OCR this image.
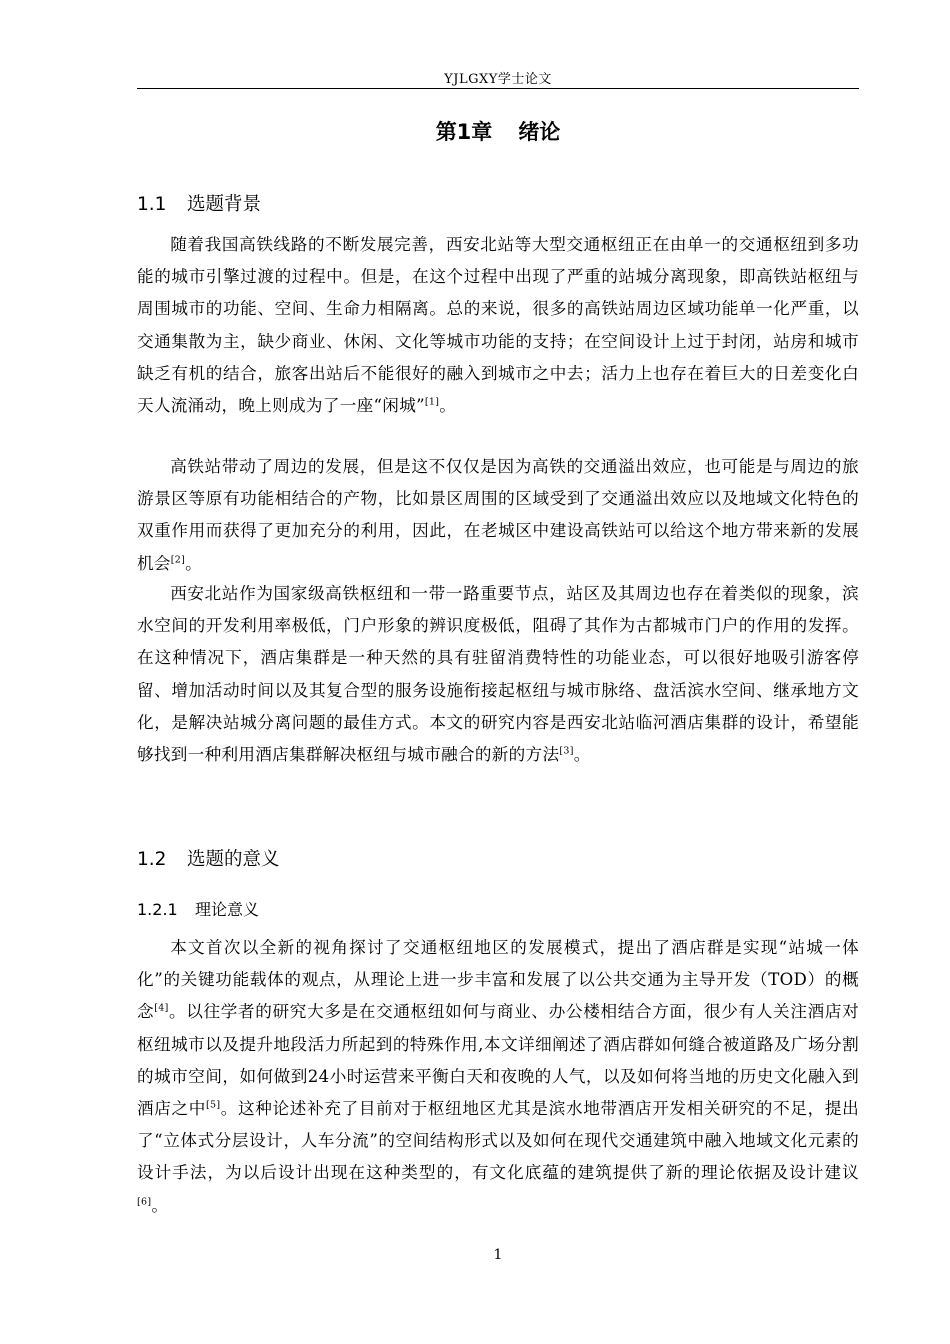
YJLGXY学士论文
第1章 绪论
1.1 选题背景

随着我国高铁线路的不断发展完善，西安北站等大型交通枢纽正在由单一的交通枢纽到多功能的城市引擎过渡的过程中。但是，在这个过程中出现了严重的站城分离现象，即高铁站枢纽与周围城市的功能、空间、生命力相隔离。总的来说，很多的高铁站周边区域功能单一化严重，以交通集散为主，缺少商业、休闲、文化等城市功能的支持；在空间设计上过于封闭，站房和城市缺乏有机的结合，旅客出站后不能很好的融入到城市之中去；活力上也存在着巨大的日差变化白天人流涌动，晚上则成为了一座“闲城”[1]。

高铁站带动了周边的发展，但是这不仅仅是因为高铁的交通溢出效应，也可能是与周边的旅游景区等原有功能相结合的产物，比如景区周围的区域受到了交通溢出效应以及地域文化特色的双重作用而获得了更加充分的利用，因此，在老城区中建设高铁站可以给这个地方带来新的发展机会[2]。

西安北站作为国家级高铁枢纽和一带一路重要节点，站区及其周边也存在着类似的现象，滨水空间的开发利用率极低，门户形象的辨识度极低，阻碍了其作为古都城市门户的作用的发挥。在这种情况下，酒店集群是一种天然的具有驻留消费特性的功能业态，可以很好地吸引游客停留、增加活动时间以及其复合型的服务设施衔接起枢纽与城市脉络、盘活滨水空间、继承地方文化，是解决站城分离问题的最佳方式。本文的研究内容是西安北站临河酒店集群的设计，希望能够找到一种利用酒店集群解决枢纽与城市融合的新的方法[3]。

1.2 选题的意义
1.2.1 理论意义

本文首次以全新的视角探讨了交通枢纽地区的发展模式，提出了酒店群是实现“站城一体化”的关键功能载体的观点，从理论上进一步丰富和发展了以公共交通为主导开发（TOD）的概念[4]。以往学者的研究大多是在交通枢纽如何与商业、办公楼相结合方面，很少有人关注酒店对枢纽城市以及提升地段活力所起到的特殊作用,本文详细阐述了酒店群如何缝合被道路及广场分割的城市空间，如何做到24小时运营来平衡白天和夜晚的人气，以及如何将当地的历史文化融入到酒店之中[5]。这种论述补充了目前对于枢纽地区尤其是滨水地带酒店开发相关研究的不足，提出了“立体式分层设计，人车分流”的空间结构形式以及如何在现代交通建筑中融入地域文化元素的设计手法，为以后设计出现在这种类型的，有文化底蕴的建筑提供了新的理论依据及设计建议[6]。

1
